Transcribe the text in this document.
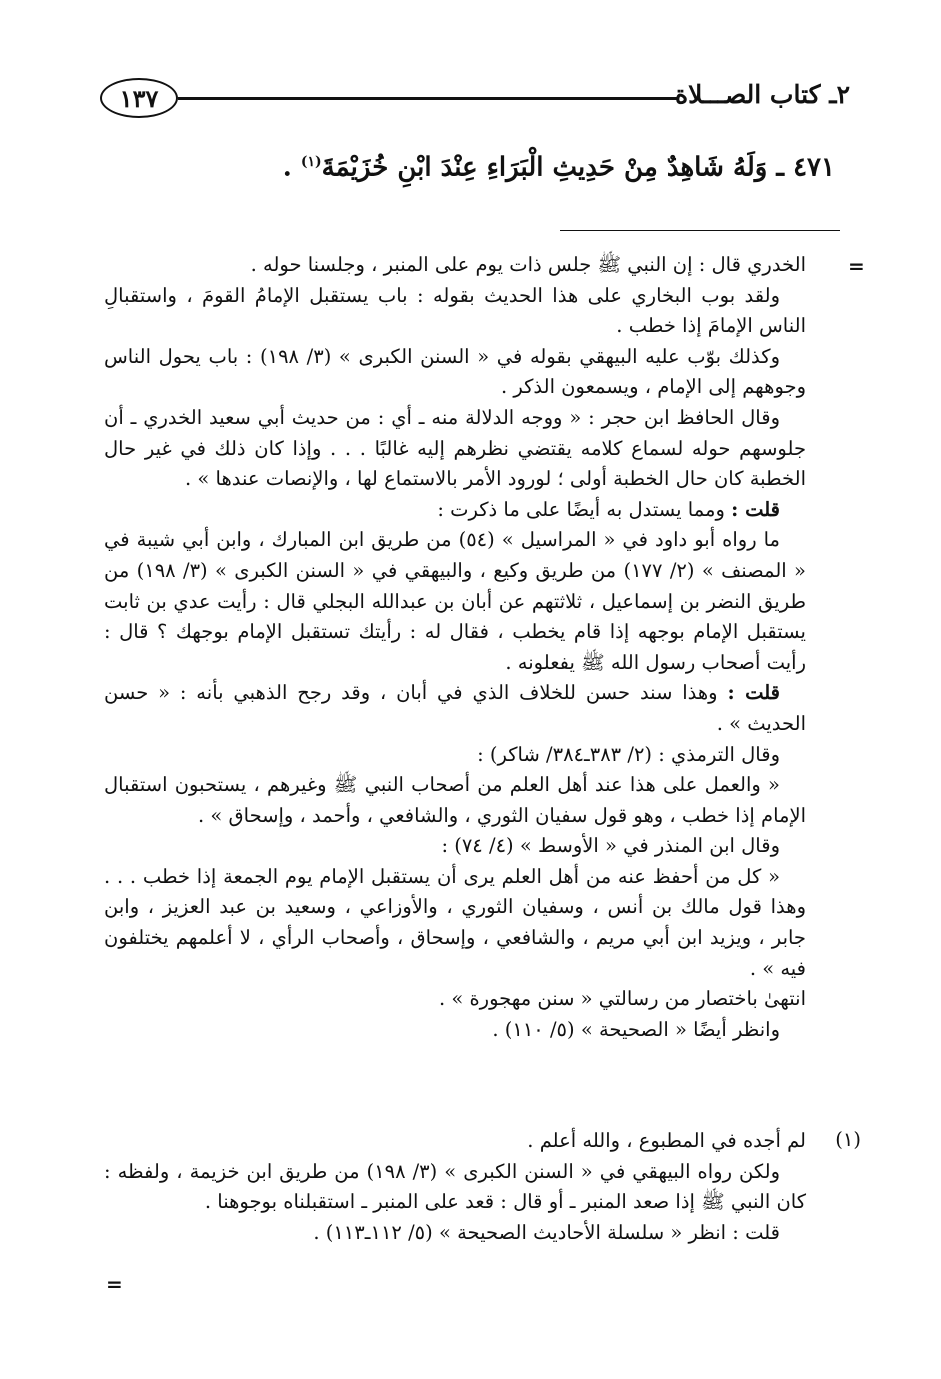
١٣٧	٢ـ كتاب الصـــلاة
٤٧١ ـ وَلَهُ شَاهِدٌ مِنْ حَدِيثِ الْبَرَاءِ عِنْدَ ابْنِ خُزَيْمَةَ$^{(١)}$ .
=

الخدري قال : إن النبي ﷺ جلس ذات يوم على المنبر ، وجلسنا حوله .

ولقد بوب البخاري على هذا الحديث بقوله : باب يستقبل الإمامُ القومَ ، واستقبالِ الناس الإمامَ إذا خطب .

وكذلك بوّب عليه البيهقي بقوله في « السنن الكبرى » (٣/ ١٩٨) : باب يحول الناس وجوههم إلى الإمام ، ويسمعون الذكر .

وقال الحافظ ابن حجر : « ووجه الدلالة منه ـ أي : من حديث أبي سعيد الخدري ـ أن جلوسهم حوله لسماع كلامه يقتضي نظرهم إليه غالبًا . . . وإذا كان ذلك في غير حال الخطبة كان حال الخطبة أولى ؛ لورود الأمر بالاستماع لها ، والإنصات عندها » .

قلت : ومما يستدل به أيضًا على ما ذكرت :

ما رواه أبو داود في « المراسيل » (٥٤) من طريق ابن المبارك ، وابن أبي شيبة في « المصنف » (٢/ ١٧٧) من طريق وكيع ، والبيهقي في « السنن الكبرى » (٣/ ١٩٨) من طريق النضر بن إسماعيل ، ثلاثتهم عن أبان بن عبدالله البجلي قال : رأيت عدي بن ثابت يستقبل الإمام بوجهه إذا قام يخطب ، فقال له : رأيتك تستقبل الإمام بوجهك ؟ قال : رأيت أصحاب رسول الله ﷺ يفعلونه .

قلت : وهذا سند حسن للخلاف الذي في أبان ، وقد رجح الذهبي بأنه : « حسن الحديث » .

وقال الترمذي : (٢/ ٣٨٣ـ٣٨٤/ شاكر) :

« والعمل على هذا عند أهل العلم من أصحاب النبي ﷺ وغيرهم ، يستحبون استقبال الإمام إذا خطب ، وهو قول سفيان الثوري ، والشافعي ، وأحمد ، وإسحاق » .

وقال ابن المنذر في « الأوسط » (٤/ ٧٤) :

« كل من أحفظ عنه من أهل العلم يرى أن يستقبل الإمام يوم الجمعة إذا خطب . . . وهذا قول مالك بن أنس ، وسفيان الثوري ، والأوزاعي ، وسعيد بن عبد العزيز ، وابن جابر ، ويزيد ابن أبي مريم ، والشافعي ، وإسحاق ، وأصحاب الرأي ، لا أعلمهم يختلفون فيه » .

انتهىٰ باختصار من رسالتي « سنن مهجورة » .

وانظر أيضًا « الصحيحة » (٥/ ١١٠) .

(١)

لم أجده في المطبوع ، والله أعلم .

ولكن رواه البيهقي في « السنن الكبرى » (٣/ ١٩٨) من طريق ابن خزيمة ، ولفظه : كان النبي ﷺ إذا صعد المنبر ـ أو قال : قعد على المنبر ـ استقبلناه بوجوهنا .

قلت : انظر « سلسلة الأحاديث الصحيحة » (٥/ ١١٢ـ١١٣) .

=
